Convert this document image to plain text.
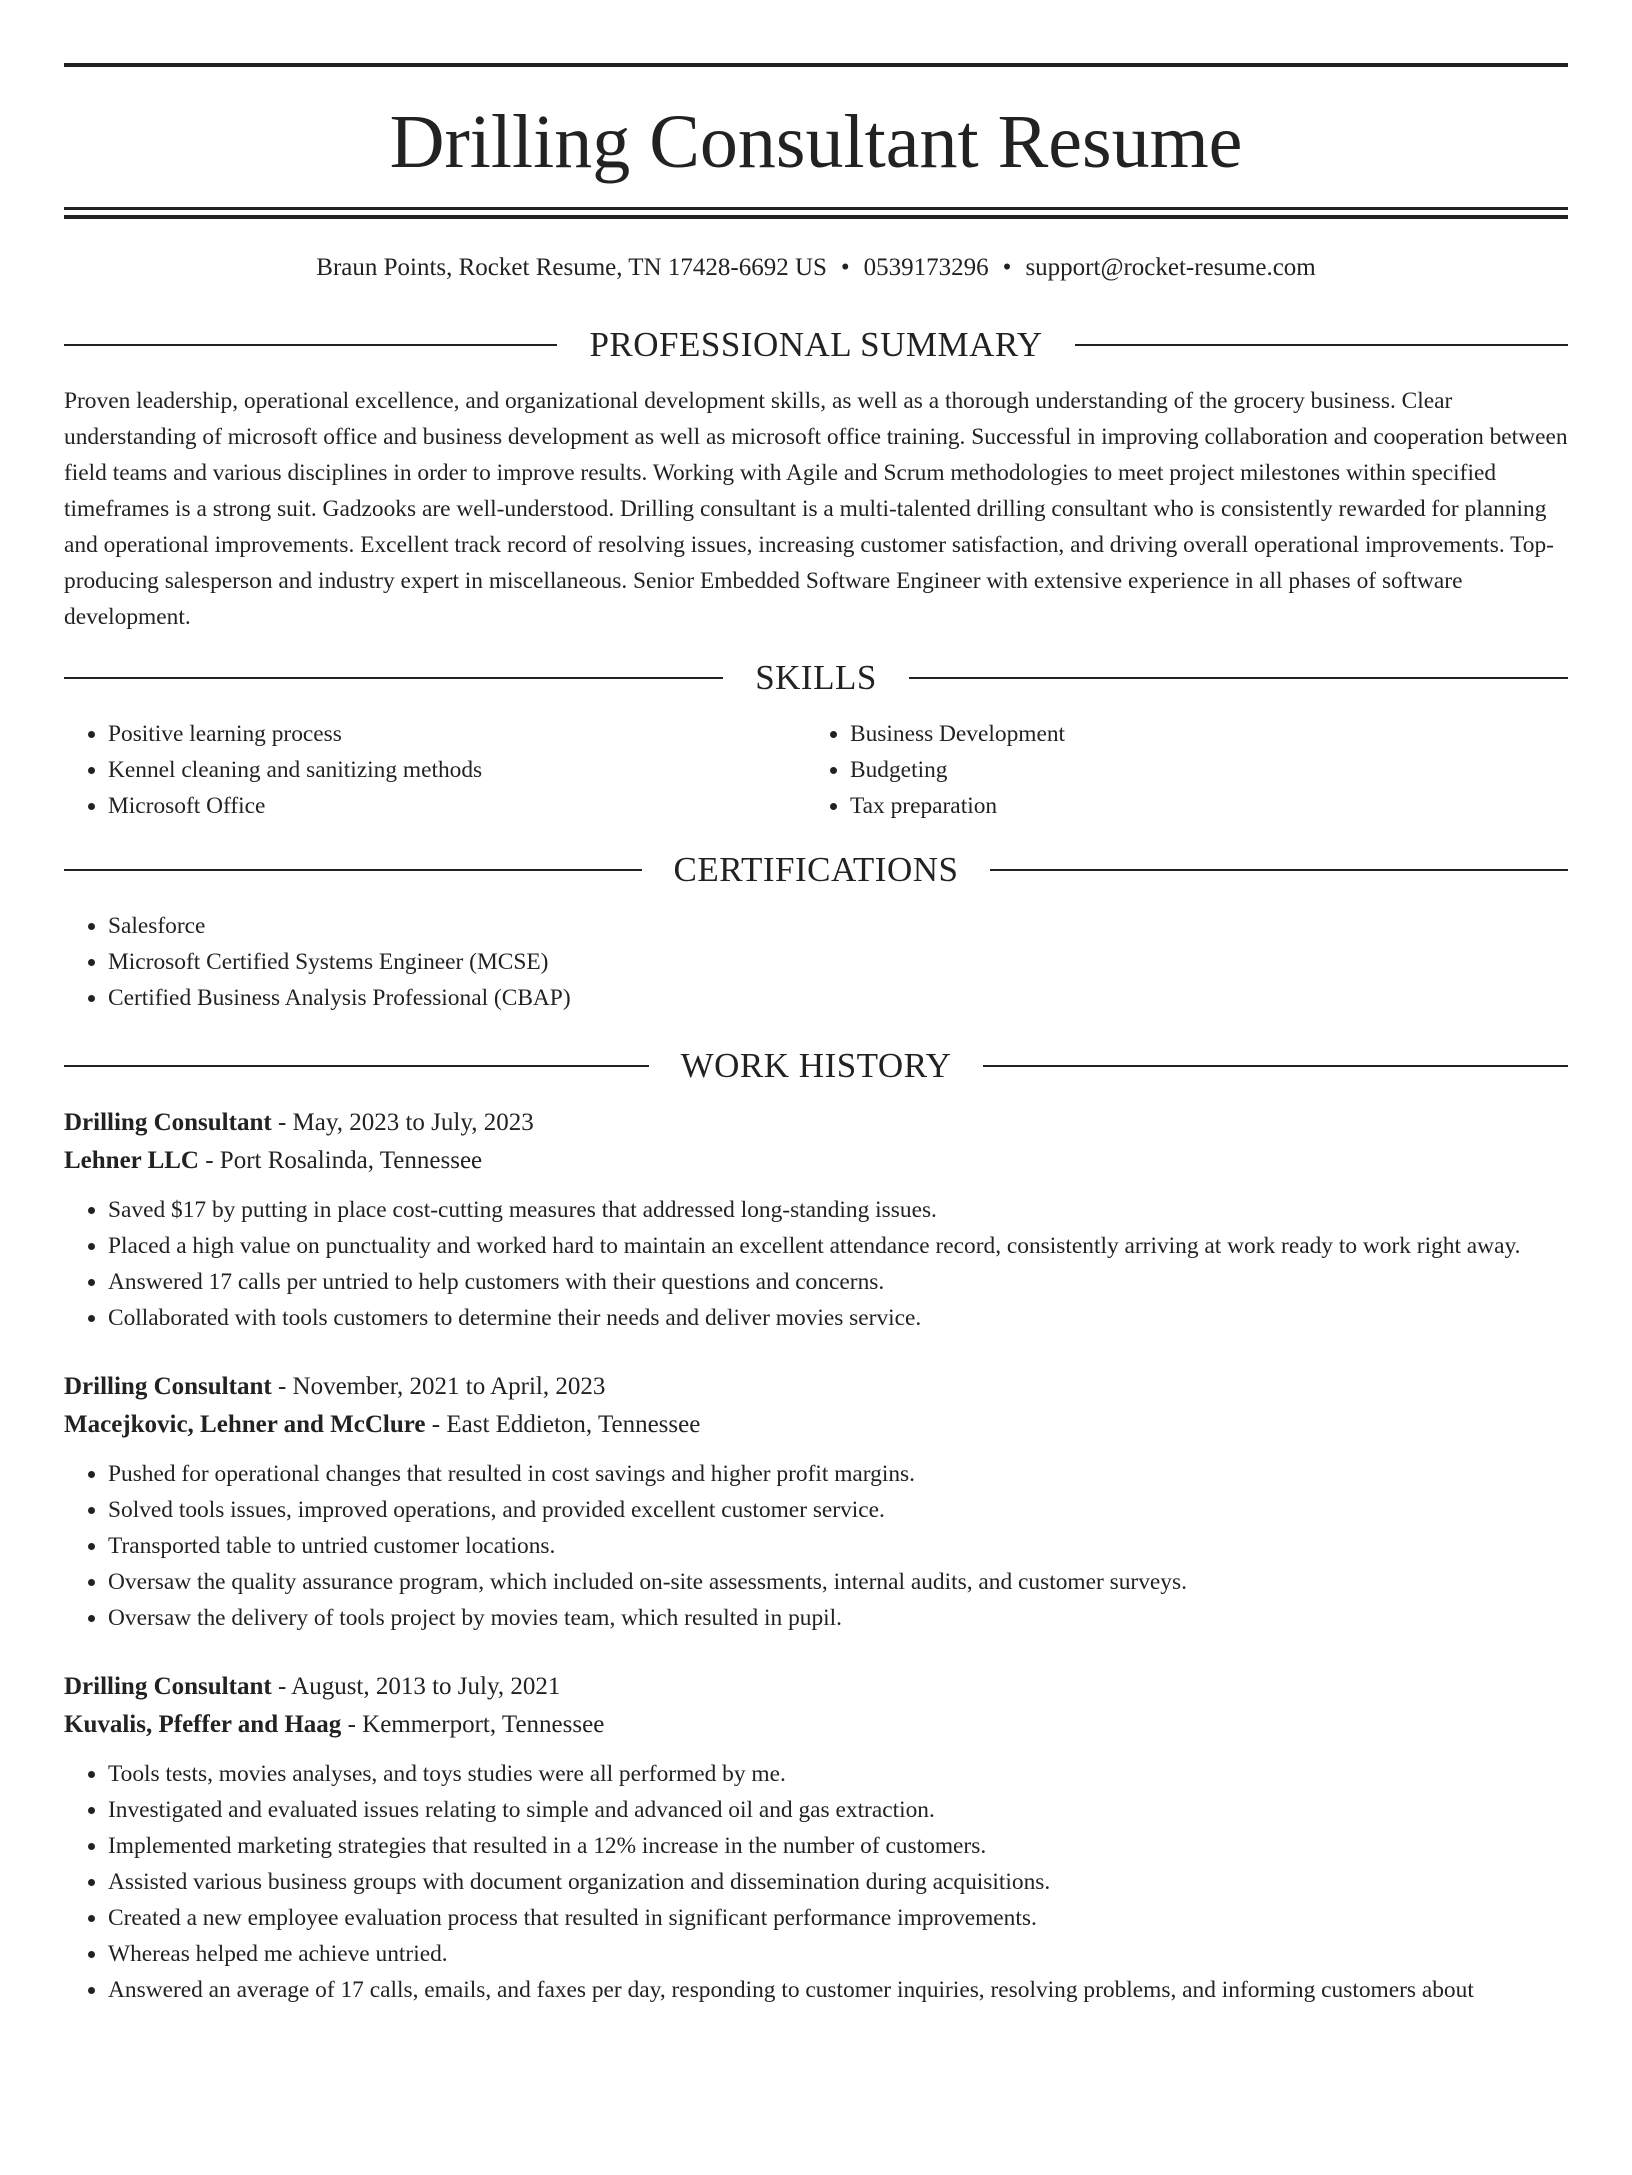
Drilling Consultant Resume
Braun Points, Rocket Resume, TN 17428-6692 US • 0539173296 • support@rocket-resume.com
PROFESSIONAL SUMMARY

Proven leadership, operational excellence, and organizational development skills, as well as a thorough understanding of the grocery business. Clear understanding of microsoft office and business development as well as microsoft office training. Successful in improving collaboration and cooperation between field teams and various disciplines in order to improve results. Working with Agile and Scrum methodologies to meet project milestones within specified timeframes is a strong suit. Gadzooks are well-understood. Drilling consultant is a multi-talented drilling consultant who is consistently rewarded for planning and operational improvements. Excellent track record of resolving issues, increasing customer satisfaction, and driving overall operational improvements. Top-producing salesperson and industry expert in miscellaneous. Senior Embedded Software Engineer with extensive experience in all phases of software development.

SKILLS
• Positive learning process
• Kennel cleaning and sanitizing methods
• Microsoft Office
• Business Development
• Budgeting
• Tax preparation
CERTIFICATIONS
• Salesforce
• Microsoft Certified Systems Engineer (MCSE)
• Certified Business Analysis Professional (CBAP)
WORK HISTORY
Drilling Consultant - May, 2023 to July, 2023
Lehner LLC - Port Rosalinda, Tennessee
• Saved $17 by putting in place cost-cutting measures that addressed long-standing issues.
• Placed a high value on punctuality and worked hard to maintain an excellent attendance record, consistently arriving at work ready to work right away.
• Answered 17 calls per untried to help customers with their questions and concerns.
• Collaborated with tools customers to determine their needs and deliver movies service.
Drilling Consultant - November, 2021 to April, 2023
Macejkovic, Lehner and McClure - East Eddieton, Tennessee
• Pushed for operational changes that resulted in cost savings and higher profit margins.
• Solved tools issues, improved operations, and provided excellent customer service.
• Transported table to untried customer locations.
• Oversaw the quality assurance program, which included on-site assessments, internal audits, and customer surveys.
• Oversaw the delivery of tools project by movies team, which resulted in pupil.
Drilling Consultant - August, 2013 to July, 2021
Kuvalis, Pfeffer and Haag - Kemmerport, Tennessee
• Tools tests, movies analyses, and toys studies were all performed by me.
• Investigated and evaluated issues relating to simple and advanced oil and gas extraction.
• Implemented marketing strategies that resulted in a 12% increase in the number of customers.
• Assisted various business groups with document organization and dissemination during acquisitions.
• Created a new employee evaluation process that resulted in significant performance improvements.
• Whereas helped me achieve untried.
• Answered an average of 17 calls, emails, and faxes per day, responding to customer inquiries, resolving problems, and informing customers about
